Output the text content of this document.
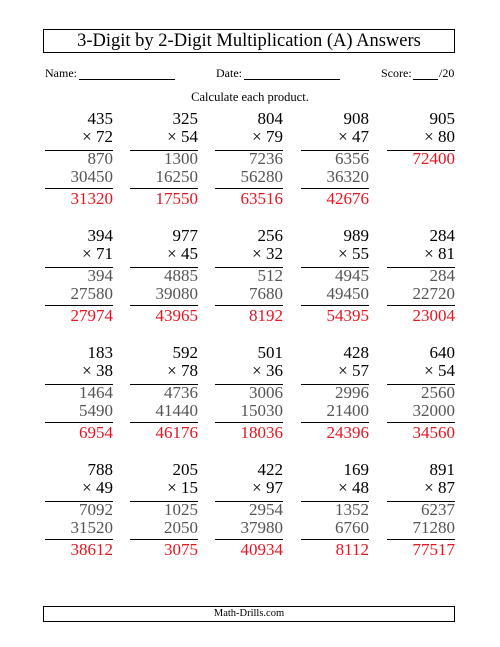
3-Digit by 2-Digit Multiplication (A) Answers
Name:	Date:	Score: /20
Calculate each product.
435
× 72
870
30450
31320
325
× 54
1300
16250
17550
804
× 79
7236
56280
63516
908
× 47
6356
36320
42676
905
× 80
72400
394
× 71
394
27580
27974
977
× 45
4885
39080
43965
256
× 32
512
7680
8192
989
× 55
4945
49450
54395
284
× 81
284
22720
23004
183
× 38
1464
5490
6954
592
× 78
4736
41440
46176
501
× 36
3006
15030
18036
428
× 57
2996
21400
24396
640
× 54
2560
32000
34560
788
× 49
7092
31520
38612
205
× 15
1025
2050
3075
422
× 97
2954
37980
40934
169
× 48
1352
6760
8112
891
× 87
6237
71280
77517
Math-Drills.com
